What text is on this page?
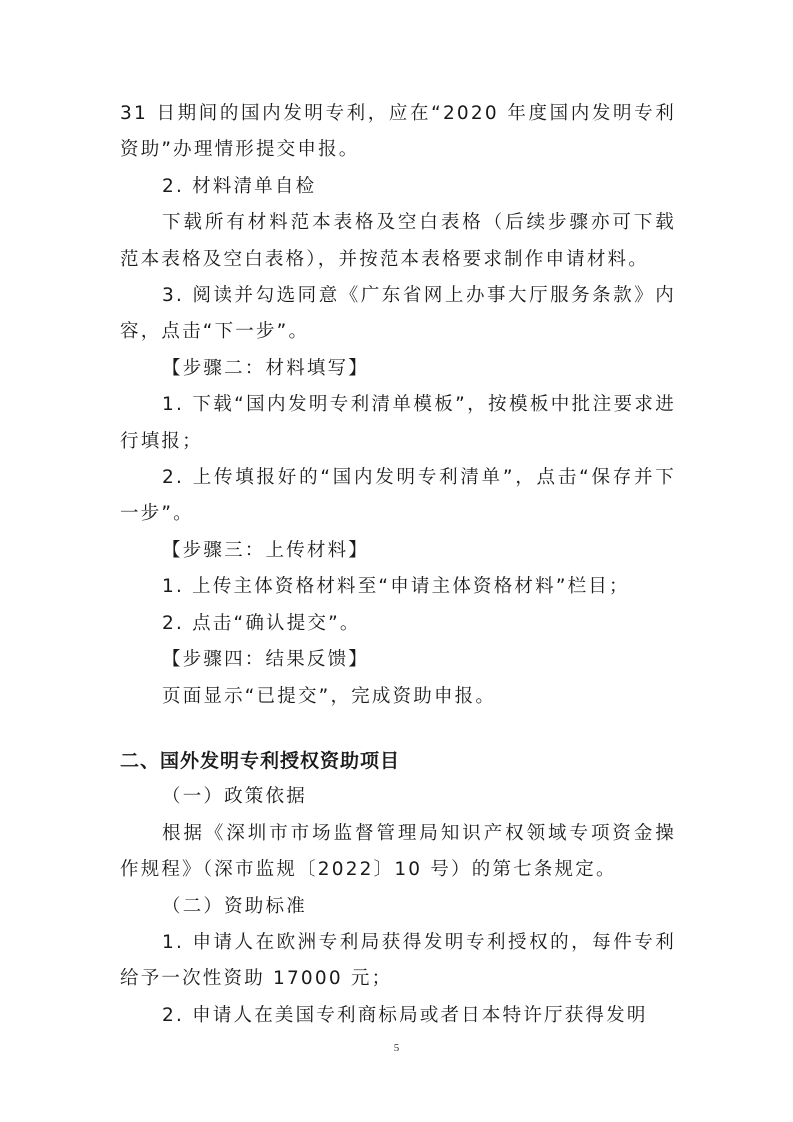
31 日期间的国内发明专利，应在“2020 年度国内发明专利资助”办理情形提交申报。

2. 材料清单自检

下载所有材料范本表格及空白表格（后续步骤亦可下载范本表格及空白表格），并按范本表格要求制作申请材料。

3. 阅读并勾选同意《广东省网上办事大厅服务条款》内容，点击“下一步”。

【步骤二：材料填写】

1. 下载“国内发明专利清单模板”，按模板中批注要求进行填报；

2. 上传填报好的“国内发明专利清单”，点击“保存并下一步”。

【步骤三：上传材料】

1. 上传主体资格材料至“申请主体资格材料”栏目；

2. 点击“确认提交”。

【步骤四：结果反馈】

页面显示“已提交”，完成资助申报。

二、国外发明专利授权资助项目

（一）政策依据

根据《深圳市市场监督管理局知识产权领域专项资金操作规程》（深市监规〔2022〕10 号）的第七条规定。

（二）资助标准

1. 申请人在欧洲专利局获得发明专利授权的，每件专利给予一次性资助 17000 元；

2. 申请人在美国专利商标局或者日本特许厅获得发明

5
